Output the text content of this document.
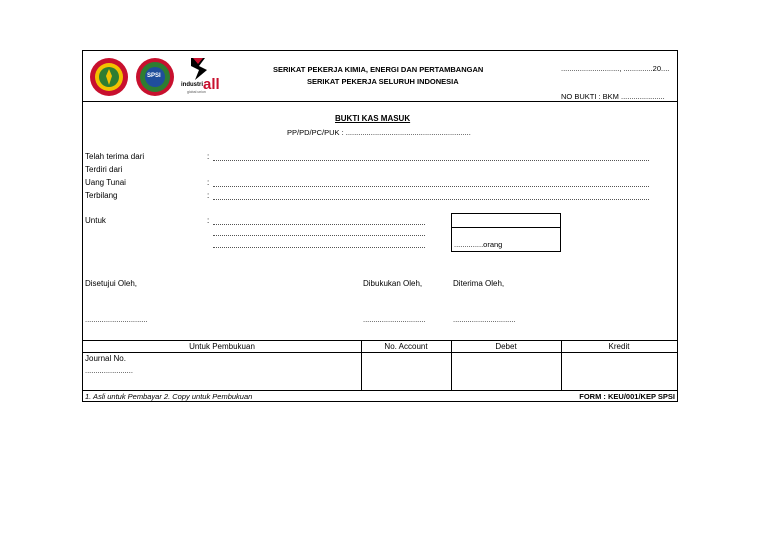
SPSI
industri all
global union
SERIKAT PEKERJA KIMIA, ENERGI DAN PERTAMBANGAN
SERIKAT PEKERJA SELURUH INDONESIA
............................, ..............20....
NO BUKTI : BKM .....................
BUKTI KAS MASUK
PP/PD/PC/PUK : ............................................................
Telah terima dari	:
Terdiri dari
Uang Tunai	:
Terbilang	:
Untuk	:
..............orang
Disetujui Oleh,	Dibukukan Oleh,	Diterima Oleh,
..............................	..............................	..............................
Untuk Pembukuan	No. Account	Debet	Kredit
Journal No.
.......................
1. Asli untuk Pembayar 2. Copy untuk Pembukuan	FORM : KEU/001/KEP SPSI
